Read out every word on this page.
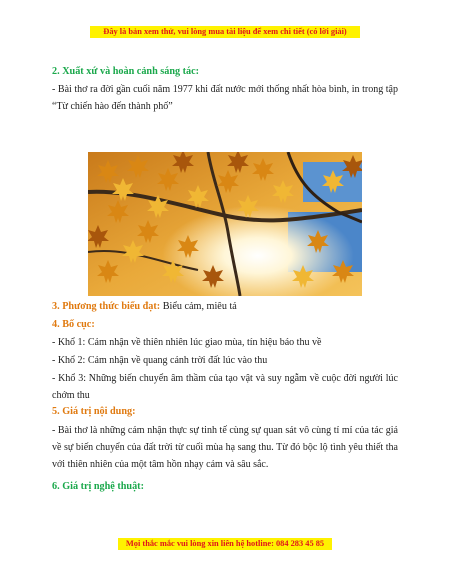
Đây là bản xem thử, vui lòng mua tài liệu để xem chi tiết (có lời giải)
2. Xuất xứ và hoàn cảnh sáng tác:
- Bài thơ ra đời gần cuối năm 1977 khi đất nước mới thống nhất hòa bình, in trong tập “Từ chiến hào đến thành phố”
3. Phương thức biểu đạt: Biểu cảm, miêu tả
4. Bố cục:
- Khổ 1: Cảm nhận về thiên nhiên lúc giao mùa, tín hiệu báo thu về
- Khổ 2: Cảm nhận về quang cảnh trời đất lúc vào thu
- Khổ 3: Những biến chuyển âm thầm của tạo vật và suy ngẫm về cuộc đời người lúc chớm thu
5. Giá trị nội dung:
- Bài thơ là những cảm nhận thực sự tinh tế cùng sự quan sát vô cùng tỉ mỉ của tác giả về sự biến chuyển của đất trời từ cuối mùa hạ sang thu. Từ đó bộc lộ tình yêu thiết tha với thiên nhiên của một tâm hồn nhạy cảm và sâu sắc.
6. Giá trị nghệ thuật:
Mọi thắc mắc vui lòng xin liên hệ hotline: 084 283 45 85
